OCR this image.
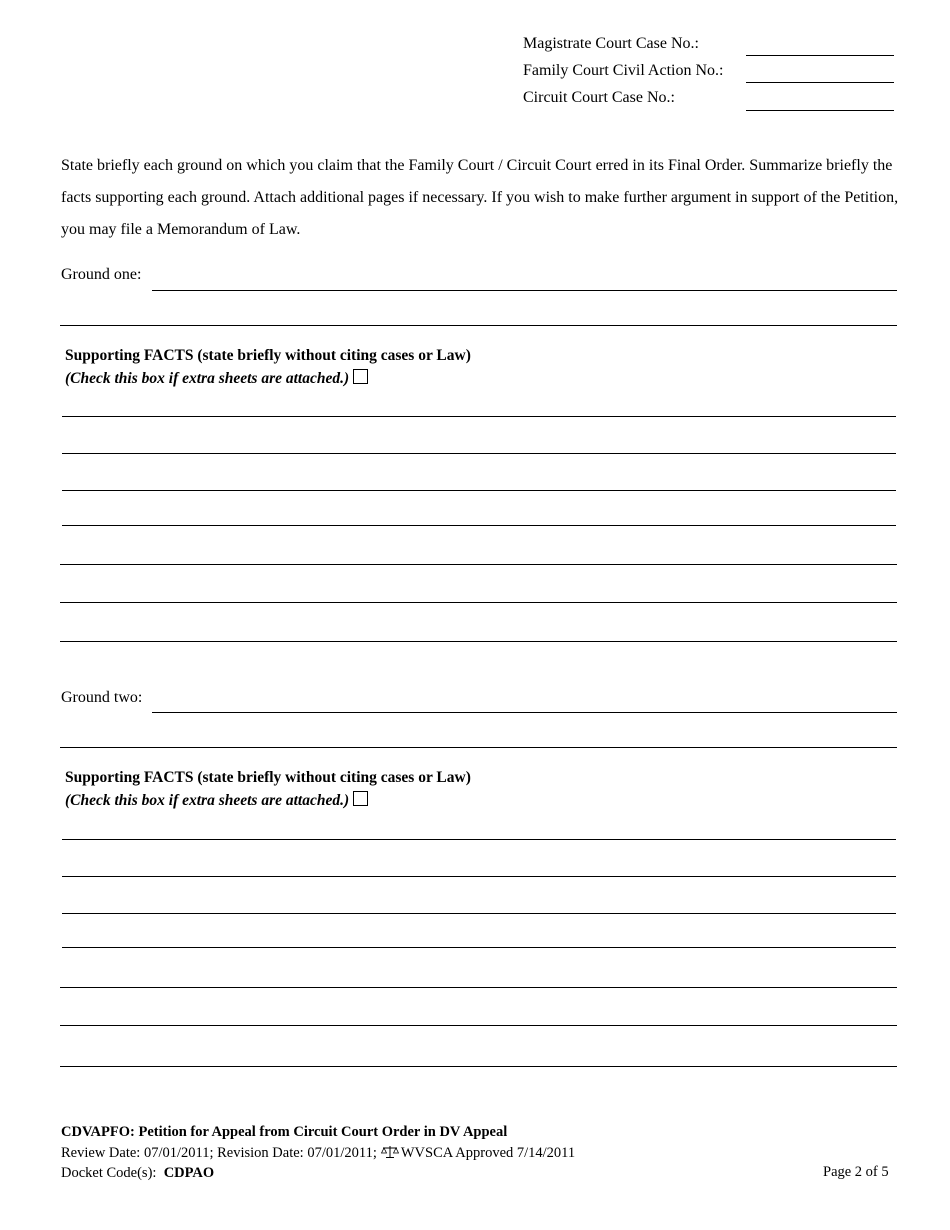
Magistrate Court Case No.:
Family Court Civil Action No.:
Circuit Court Case No.:
State briefly each ground on which you claim that the Family Court / Circuit Court erred in its Final Order. Summarize briefly the facts supporting each ground. Attach additional pages if necessary. If you wish to make further argument in support of the Petition, you may file a Memorandum of Law.
Ground one:
Supporting FACTS (state briefly without citing cases or Law)
(Check this box if extra sheets are attached.)
Ground two:
Supporting FACTS (state briefly without citing cases or Law)
(Check this box if extra sheets are attached.)
CDVAPFO: Petition for Appeal from Circuit Court Order in DV Appeal
Review Date: 07/01/2011; Revision Date: 07/01/2011; WVSCA Approved 7/14/2011
Docket Code(s): CDPAO	Page 2 of 5
